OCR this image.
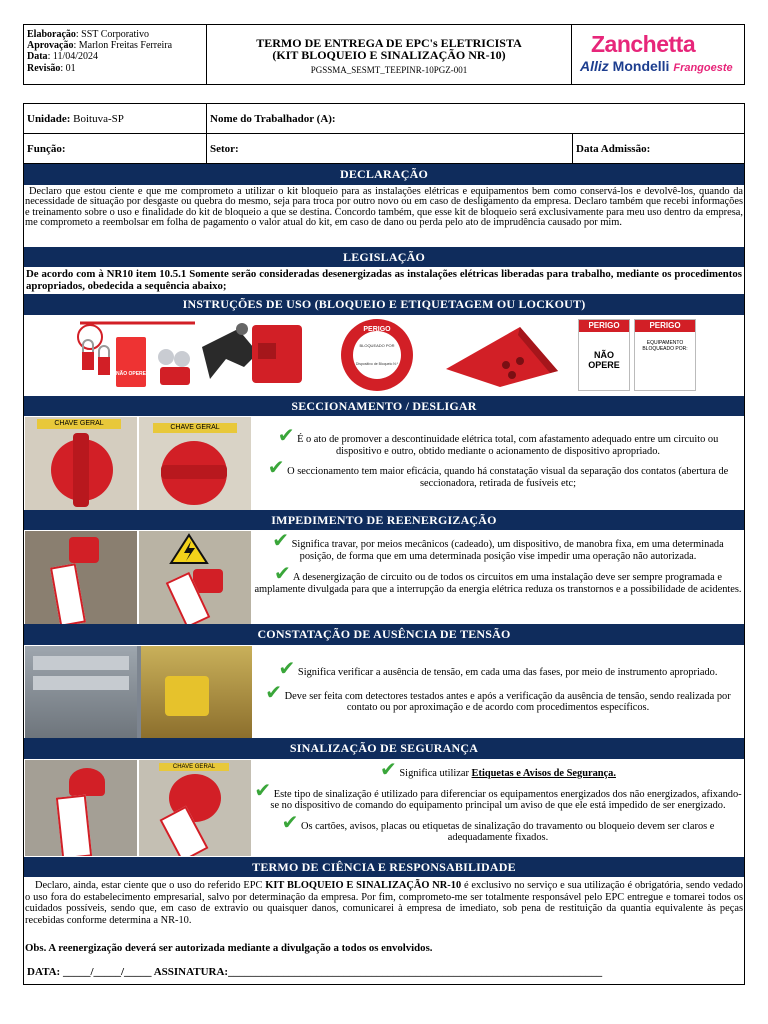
Elaboração: SST Corporativo
Aprovação: Marlon Freitas Ferreira
Data: 11/04/2024
Revisão: 01
TERMO DE ENTREGA DE EPC's ELETRICISTA
(KIT BLOQUEIO E SINALIZAÇÃO NR-10)
PGSSMA_SESMT_TEEPINR-10PGZ-001
Zanchetta
Alliz Mondelli Frangoeste
Unidade:
Boituva-SP	Nome do Trabalhador (A):
Função:	Setor:	Data Admissão:
DECLARAÇÃO
Declaro que estou ciente e que me comprometo a utilizar o kit bloqueio para as instalações elétricas e equipamentos bem como conservá-los e devolvê-los, quando da necessidade de situação por desgaste ou quebra do mesmo, seja para troca por outro novo ou em caso de desligamento da empresa. Declaro também que recebi informações e treinamento sobre o uso e finalidade do kit de bloqueio a que se destina. Concordo também, que esse kit de bloqueio será exclusivamente para meu uso dentro da empresa, me comprometo a reembolsar em folha de pagamento o valor atual do kit, em caso de dano ou perda pelo ato de imprudência causado por mim.
LEGISLAÇÃO
De acordo com à NR10 item 10.5.1 Somente serão consideradas desenergizadas as instalações elétricas liberadas para trabalho, mediante os procedimentos apropriados, obedecida a sequência abaixo;
INSTRUÇÕES DE USO (BLOQUEIO E ETIQUETAGEM OU LOCKOUT)
NÃO OPERE
PERIGO
BLOQUEADO POR
Dispositivo de Bloqueio N.º
PERIGO
NÃO
OPERE
PERIGO
EQUIPAMENTO BLOQUEADO POR:
SECCIONAMENTO / DESLIGAR
CHAVE GERAL
CHAVE GERAL	✔ É o ato de promover a descontinuidade elétrica total, com afastamento adequado entre um circuito ou dispositivo e outro, obtido mediante o acionamento de dispositivo apropriado.
✔ O seccionamento tem maior eficácia, quando há constatação visual da separação dos contatos (abertura de seccionadora, retirada de fusíveis etc;
IMPEDIMENTO DE REENERGIZAÇÃO
✔ Significa travar, por meios mecânicos (cadeado), um dispositivo, de manobra fixa, em uma determinada posição, de forma que em uma determinada posição vise impedir uma operação não autorizada.
✔ A desenergização de circuito ou de todos os circuitos em uma instalação deve ser sempre programada e amplamente divulgada para que a interrupção da energia elétrica reduza os transtornos e a possibilidade de acidentes.
CONSTATAÇÃO DE AUSÊNCIA DE TENSÃO
✔ Significa verificar a ausência de tensão, em cada uma das fases, por meio de instrumento apropriado.
✔ Deve ser feita com detectores testados antes e após a verificação da ausência de tensão, sendo realizada por contato ou por aproximação e de acordo com procedimentos específicos.
SINALIZAÇÃO DE SEGURANÇA
CHAVE GERAL	✔ Significa utilizar Etiquetas e Avisos de Segurança.
✔ Este tipo de sinalização é utilizado para diferenciar os equipamentos energizados dos não energizados, afixando-se no dispositivo de comando do equipamento principal um aviso de que ele está impedido de ser energizado.
✔ Os cartões, avisos, placas ou etiquetas de sinalização do travamento ou bloqueio devem ser claros e adequadamente fixados.
TERMO DE CIÊNCIA E RESPONSABILIDADE
Declaro, ainda, estar ciente que o uso do referido EPC KIT BLOQUEIO E SINALIZAÇÃO NR-10 é exclusivo no serviço e sua utilização é obrigatória, sendo vedado o uso fora do estabelecimento empresarial, salvo por determinação da empresa. Por fim, comprometo-me ser totalmente responsável pelo EPC entregue e tomarei todos os cuidados possíveis, sendo que, em caso de extravio ou quaisquer danos, comunicarei à empresa de imediato, sob pena de restituição da quantia equivalente às peças recebidas conforme determina a NR-10.
Obs. A reenergização deverá ser autorizada mediante a divulgação a todos os envolvidos.
DATA: _____/_____/_____ ASSINATURA:____________________________________________________________________
